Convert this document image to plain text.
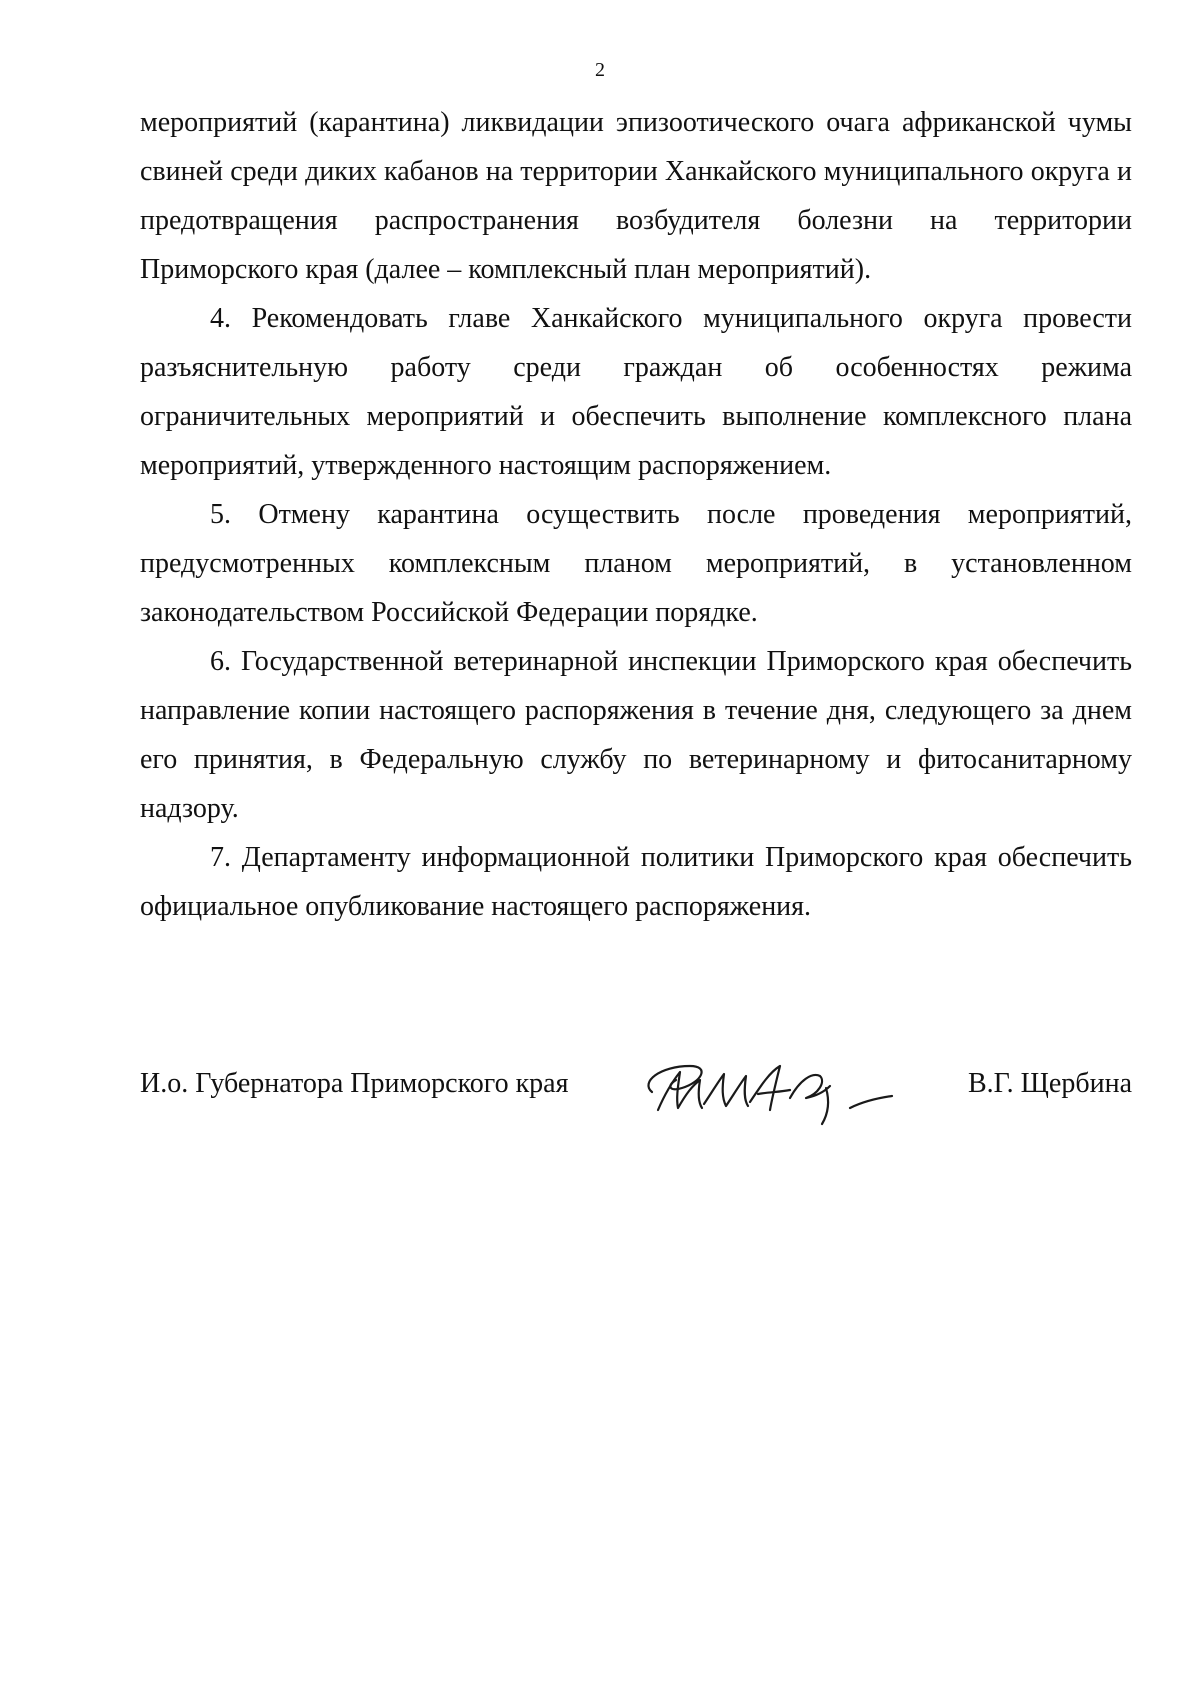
2

мероприятий (карантина) ликвидации эпизоотического очага африканской чумы свиней среди диких кабанов на территории Ханкайского муниципального округа и предотвращения распространения возбудителя болезни на территории Приморского края (далее – комплексный план мероприятий).

4. Рекомендовать главе Ханкайского муниципального округа провести разъяснительную работу среди граждан об особенностях режима ограничительных мероприятий и обеспечить выполнение комплексного плана мероприятий, утвержденного настоящим распоряжением.

5. Отмену карантина осуществить после проведения мероприятий, предусмотренных комплексным планом мероприятий, в установленном законодательством Российской Федерации порядке.

6. Государственной ветеринарной инспекции Приморского края обеспечить направление копии настоящего распоряжения в течение дня, следующего за днем его принятия, в Федеральную службу по ветеринарному и фитосанитарному надзору.

7. Департаменту информационной политики Приморского края обеспечить официальное опубликование настоящего распоряжения.

И.о. Губернатора Приморского края	В.Г. Щербина
